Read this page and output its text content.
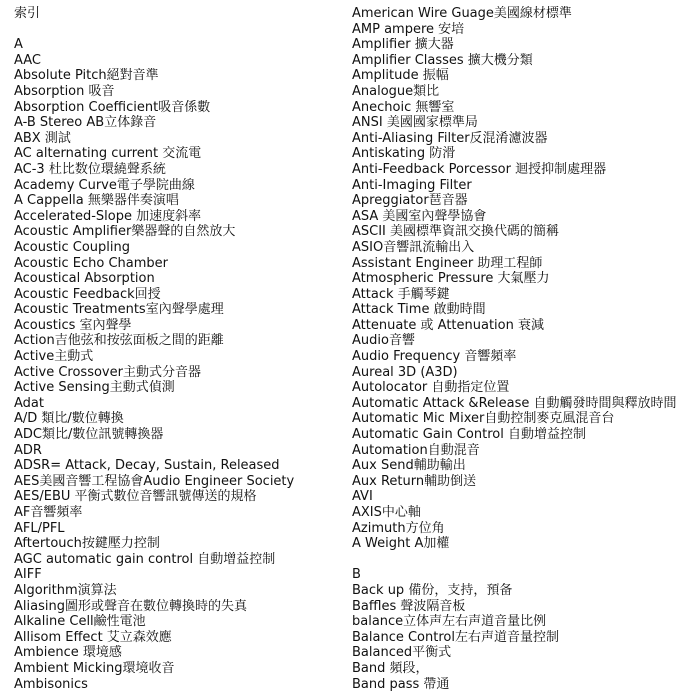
索引
A
AAC
Absolute Pitch絕對音準
Absorption 吸音
Absorption Coefficient吸音係數
A-B Stereo AB立体錄音
ABX 測試
AC alternating current 交流電
AC-3 杜比数位環繞聲系統
Academy Curve電子學院曲線
A Cappella 無樂器伴奏演唱
Accelerated-Slope 加速度斜率
Acoustic Amplifier樂器聲的自然放大
Acoustic Coupling
Acoustic Echo Chamber
Acoustical Absorption
Acoustic Feedback回授
Acoustic Treatments室內聲學處理
Acoustics 室內聲學
Action吉他弦和按弦面板之間的距離
Active主動式
Active Crossover主動式分音器
Active Sensing主動式偵測
Adat
A/D 類比/數位轉換
ADC類比/數位訊號轉換器
ADR
ADSR= Attack, Decay, Sustain, Released
AES美國音響工程協會Audio Engineer Society
AES/EBU 平衡式數位音響訊號傳送的規格
AF音響頻率
AFL/PFL
Aftertouch按鍵壓力控制
AGC automatic gain control 自動增益控制
AIFF
Algorithm演算法
Aliasing圖形或聲音在數位轉換時的失真
Alkaline Cell鹼性電池
Allisom Effect 艾立森效應
Ambience 環境感
Ambient Micking環境收音
Ambisonics
American Wire Guage美國線材標準
AMP ampere 安培
Amplifier 擴大器
Amplifier Classes 擴大機分類
Amplitude 振幅
Analogue類比
Anechoic 無響室
ANSI 美國國家標準局
Anti-Aliasing Filter反混淆濾波器
Antiskating 防滑
Anti-Feedback Porcessor 迴授抑制處理器
Anti-Imaging Filter
Apreggiator琶音器
ASA 美國室內聲學協會
ASCII 美國標準資訊交換代碼的簡稱
ASIO音響訊流輸出入
Assistant Engineer 助理工程師
Atmospheric Pressure 大氣壓力
Attack 手觸琴鍵
Attack Time 啟動時間
Attenuate 或 Attenuation 衰減
Audio音響
Audio Frequency 音響頻率
Aureal 3D (A3D)
Autolocator 自動指定位置
Automatic Attack &Release 自動觸發時間與釋放時間
Automatic Mic Mixer自動控制麥克風混音台
Automatic Gain Control 自動增益控制
Automation自動混音
Aux Send輔助輸出
Aux Return輔助倒送
AVI
AXIS中心軸
Azimuth方位角
A Weight A加權
B
Back up 備份，支持，預备
Baffles 聲波隔音板
balance立体声左右声道音量比例
Balance Control左右声道音量控制
Balanced平衡式
Band 頻段，
Band pass 帶通
